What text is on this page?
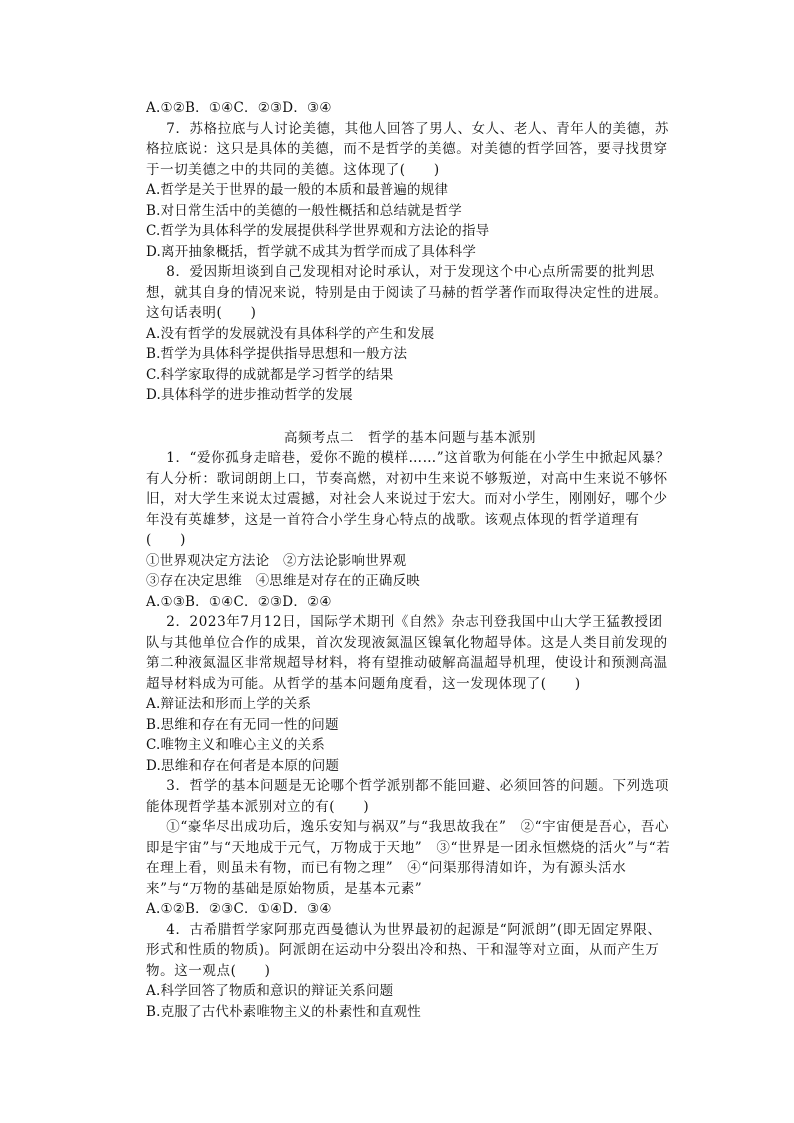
A.①②B．①④C．②③D．③④
7．苏格拉底与人讨论美德，其他人回答了男人、女人、老人、青年人的美德，苏格拉底说：这只是具体的美德，而不是哲学的美德。对美德的哲学回答，要寻找贯穿于一切美德之中的共同的美德。这体现了(　　)
A.哲学是关于世界的最一般的本质和最普遍的规律
B.对日常生活中的美德的一般性概括和总结就是哲学
C.哲学为具体科学的发展提供科学世界观和方法论的指导
D.离开抽象概括，哲学就不成其为哲学而成了具体科学
8．爱因斯坦谈到自己发现相对论时承认，对于发现这个中心点所需要的批判思想，就其自身的情况来说，特别是由于阅读了马赫的哲学著作而取得决定性的进展。这句话表明(　　)
A.没有哲学的发展就没有具体科学的产生和发展
B.哲学为具体科学提供指导思想和一般方法
C.科学家取得的成就都是学习哲学的结果
D.具体科学的进步推动哲学的发展
高频考点二　哲学的基本问题与基本派别
1．“爱你孤身走暗巷，爱你不跪的模样……”这首歌为何能在小学生中掀起风暴？有人分析：歌词朗朗上口，节奏高燃，对初中生来说不够叛逆，对高中生来说不够怀旧，对大学生来说太过震撼，对社会人来说过于宏大。而对小学生，刚刚好，哪个少年没有英雄梦，这是一首符合小学生身心特点的战歌。该观点体现的哲学道理有(　　)
①世界观决定方法论　②方法论影响世界观
③存在决定思维　④思维是对存在的正确反映
A.①③B．①④C．②③D．②④
2．2023年7月12日，国际学术期刊《自然》杂志刊登我国中山大学王猛教授团队与其他单位合作的成果，首次发现液氮温区镍氧化物超导体。这是人类目前发现的第二种液氮温区非常规超导材料，将有望推动破解高温超导机理，使设计和预测高温超导材料成为可能。从哲学的基本问题角度看，这一发现体现了(　　)
A.辩证法和形而上学的关系
B.思维和存在有无同一性的问题
C.唯物主义和唯心主义的关系
D.思维和存在何者是本原的问题
3．哲学的基本问题是无论哪个哲学派别都不能回避、必须回答的问题。下列选项能体现哲学基本派别对立的有(　　)
①“豪华尽出成功后，逸乐安知与祸双”与“我思故我在”　②“宇宙便是吾心，吾心即是宇宙”与“天地成于元气，万物成于天地”　③“世界是一团永恒燃烧的活火”与“若在理上看，则虽未有物，而已有物之理”　④“问渠那得清如许，为有源头活水来”与“万物的基础是原始物质，是基本元素”
A.①②B．②③C．①④D．③④
4．古希腊哲学家阿那克西曼德认为世界最初的起源是“阿派朗”(即无固定界限、形式和性质的物质)。阿派朗在运动中分裂出冷和热、干和湿等对立面，从而产生万物。这一观点(　　)
A.科学回答了物质和意识的辩证关系问题
B.克服了古代朴素唯物主义的朴素性和直观性
